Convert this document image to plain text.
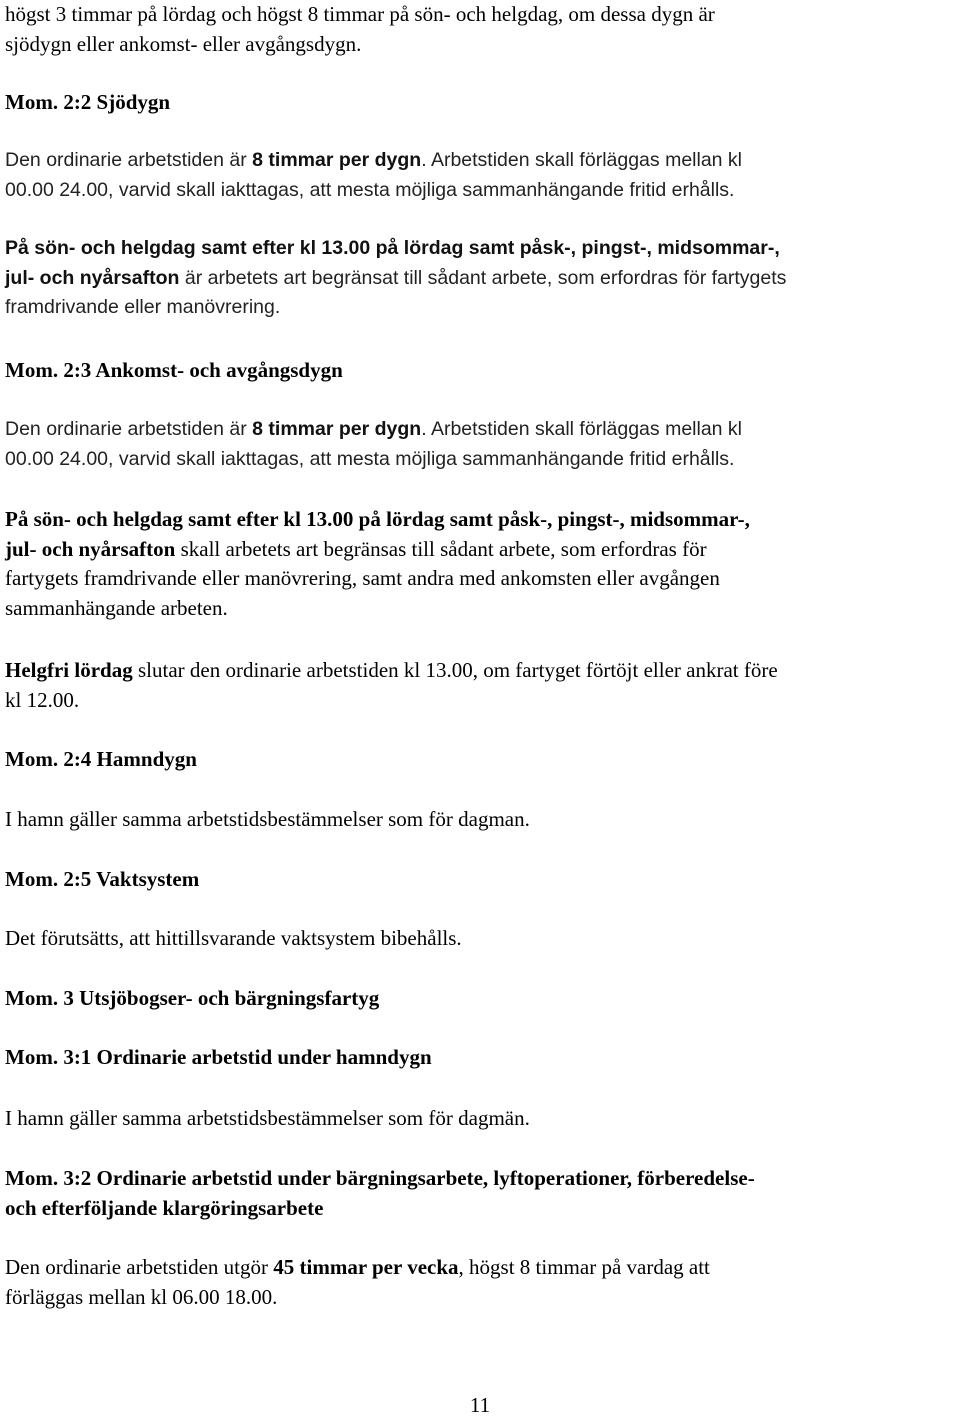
högst 3 timmar på lördag och högst 8 timmar på sön- och helgdag, om dessa dygn är
sjödygn eller ankomst- eller avgångsdygn.
Mom. 2:2 Sjödygn
Den ordinarie arbetstiden är 8 timmar per dygn. Arbetstiden skall förläggas mellan kl
00.00 24.00, varvid skall iakttagas, att mesta möjliga sammanhängande fritid erhålls.
På sön- och helgdag samt efter kl 13.00 på lördag samt påsk-, pingst-, midsommar-,
jul- och nyårsafton är arbetets art begränsat till sådant arbete, som erfordras för fartygets
framdrivande eller manövrering.
Mom. 2:3 Ankomst- och avgångsdygn
Den ordinarie arbetstiden är 8 timmar per dygn. Arbetstiden skall förläggas mellan kl
00.00 24.00, varvid skall iakttagas, att mesta möjliga sammanhängande fritid erhålls.
På sön- och helgdag samt efter kl 13.00 på lördag samt påsk-, pingst-, midsommar-,
jul- och nyårsafton skall arbetets art begränsas till sådant arbete, som erfordras för
fartygets framdrivande eller manövrering, samt andra med ankomsten eller avgången
sammanhängande arbeten.
Helgfri lördag slutar den ordinarie arbetstiden kl 13.00, om fartyget förtöjt eller ankrat före
kl 12.00.
Mom. 2:4 Hamndygn
I hamn gäller samma arbetstidsbestämmelser som för dagman.
Mom. 2:5 Vaktsystem
Det förutsätts, att hittillsvarande vaktsystem bibehålls.
Mom. 3 Utsjöbogser- och bärgningsfartyg
Mom. 3:1 Ordinarie arbetstid under hamndygn
I hamn gäller samma arbetstidsbestämmelser som för dagmän.
Mom. 3:2 Ordinarie arbetstid under bärgningsarbete, lyftoperationer, förberedelse-
och efterföljande klargöringsarbete
Den ordinarie arbetstiden utgör 45 timmar per vecka, högst 8 timmar på vardag att
förläggas mellan kl 06.00 18.00.
11
